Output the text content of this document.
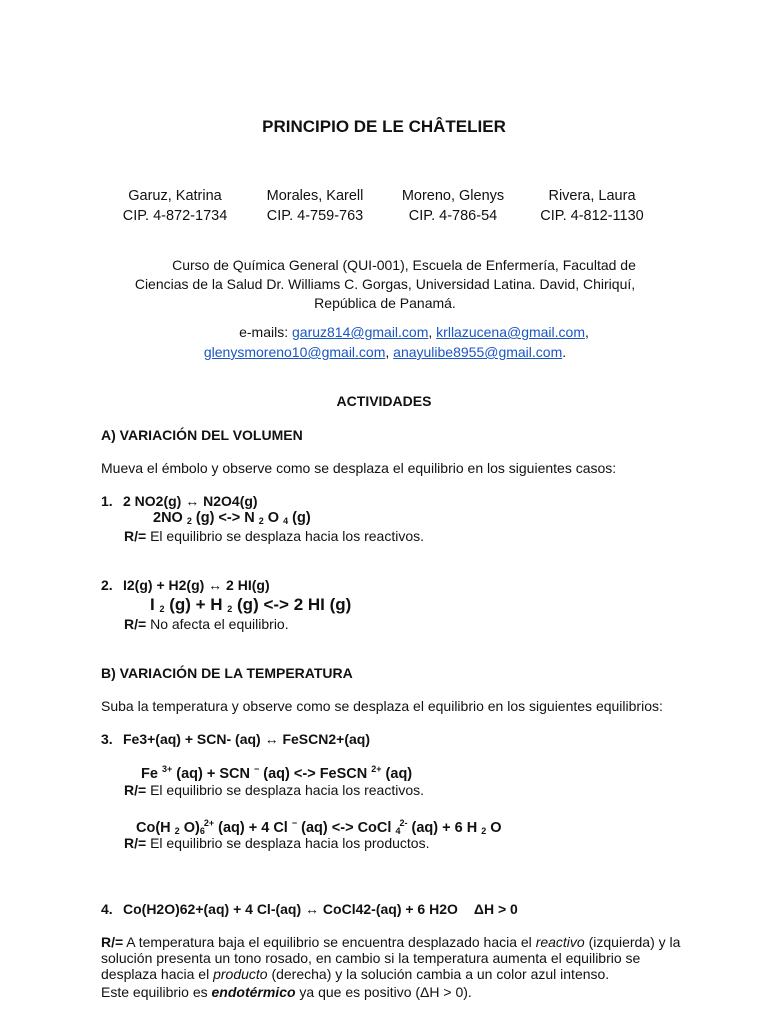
PRINCIPIO DE LE CHÂTELIER
Garuz, Katrina
CIP. 4-872-1734
Morales, Karell
CIP. 4-759-763
Moreno, Glenys
CIP. 4-786-54
Rivera, Laura
CIP. 4-812-1130
Curso de Química General (QUI-001), Escuela de Enfermería, Facultad de Ciencias de la Salud Dr. Williams C. Gorgas, Universidad Latina. David, Chiriquí, República de Panamá.
e-mails: garuz814@gmail.com, krllazucena@gmail.com, glenysmoreno10@gmail.com, anayulibe8955@gmail.com.
ACTIVIDADES
A) VARIACIÓN DEL VOLUMEN
Mueva el émbolo y observe como se desplaza el equilibrio en los siguientes casos:
1. 2 NO2(g) ↔ N2O4(g)
2NO $_2$ (g) <-> N $_2$ O $_4$ (g)
R/= El equilibrio se desplaza hacia los reactivos.
2. I2(g) + H2(g) ↔ 2 HI(g)
I $_2$ (g) + H $_2$ (g) <-> 2 HI (g)
R/= No afecta el equilibrio.
B) VARIACIÓN DE LA TEMPERATURA
Suba la temperatura y observe como se desplaza el equilibrio en los siguientes equilibrios:
3. Fe3+(aq) + SCN- (aq) ↔ FeSCN2+(aq)
Fe $^{3+}$ (aq) + SCN − (aq) <-> FeSCN $^{2+}$ (aq)
R/= El equilibrio se desplaza hacia los reactivos.
Co(H $_2$ $O)_6^{2+}$ (aq) + 4 Cl − (aq) <-> CoCl $_4^{2-}$ (aq) + 6 H $_2$ O
R/= El equilibrio se desplaza hacia los productos.
4. Co(H2O)62+(aq) + 4 Cl-(aq) ↔ CoCl42-(aq) + 6 H2O ΔH > 0
R/= A temperatura baja el equilibrio se encuentra desplazado hacia el reactivo (izquierda) y la solución presenta un tono rosado, en cambio si la temperatura aumenta el equilibrio se desplaza hacia el producto (derecha) y la solución cambia a un color azul intenso.
Este equilibrio es endotérmico ya que es positivo (ΔH > 0).
